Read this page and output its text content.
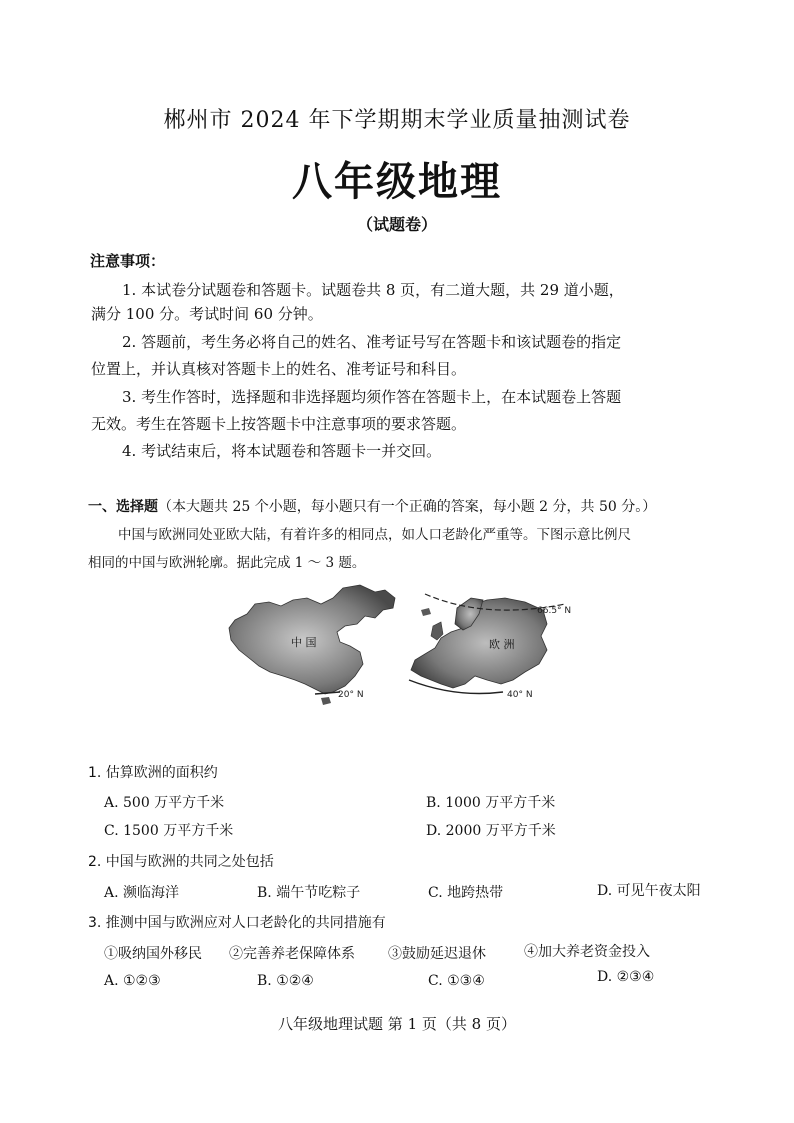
郴州市 2024 年下学期期末学业质量抽测试卷
八年级地理
（试题卷）
注意事项：
1. 本试卷分试题卷和答题卡。试题卷共 8 页，有二道大题，共 29 道小题，
满分 100 分。考试时间 60 分钟。
2. 答题前，考生务必将自己的姓名、准考证号写在答题卡和该试题卷的指定
位置上，并认真核对答题卡上的姓名、准考证号和科目。
3. 考生作答时，选择题和非选择题均须作答在答题卡上，在本试题卷上答题
无效。考生在答题卡上按答题卡中注意事项的要求答题。
4. 考试结束后，将本试题卷和答题卡一并交回。
一、选择题（本大题共 25 个小题，每小题只有一个正确的答案，每小题 2 分，共 50 分。）
中国与欧洲同处亚欧大陆，有着许多的相同点，如人口老龄化严重等。下图示意比例尺
相同的中国与欧洲轮廓。据此完成 1 ～ 3 题。
20° N
中 国
66.5° N
40° N
欧 洲
1. 估算欧洲的面积约
A. 500 万平方千米	B. 1000 万平方千米
C. 1500 万平方千米	D. 2000 万平方千米
2. 中国与欧洲的共同之处包括
A. 濒临海洋	B. 端午节吃粽子	C. 地跨热带	D. 可见午夜太阳
3. 推测中国与欧洲应对人口老龄化的共同措施有
①吸纳国外移民 ②完善养老保障体系 ③鼓励延迟退休	④加大养老资金投入
A. ①②③	B. ①②④	C. ①③④	D. ②③④
八年级地理试题 第 1 页（共 8 页）
